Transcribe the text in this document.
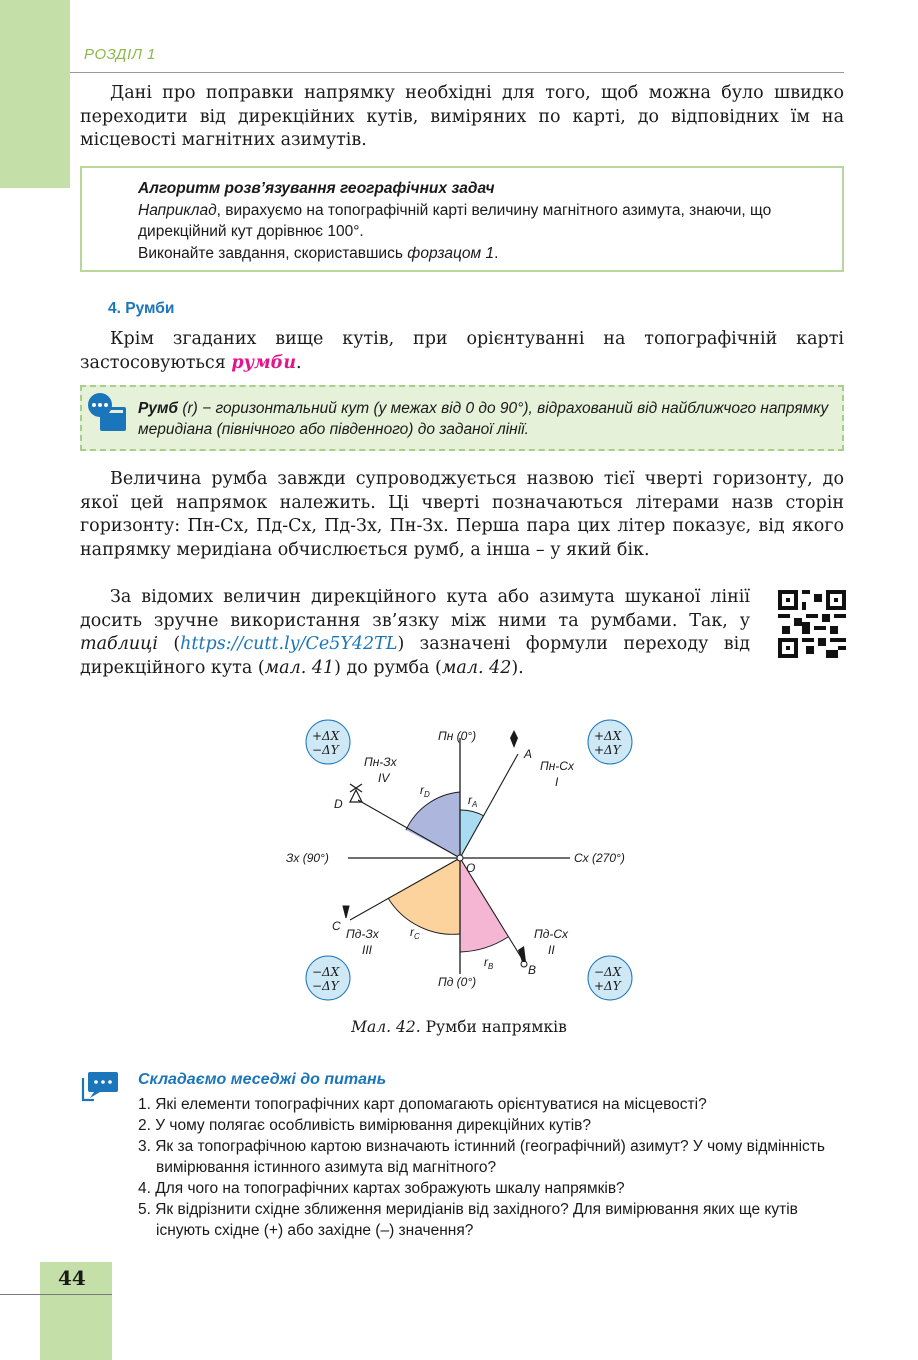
РОЗДІЛ 1

Дані про поправки напрямку необхідні для того, щоб можна було швидко переходити від дирекційних кутів, виміряних по карті, до відповідних їм на місцевості магнітних азимутів.

Алгоритм розв’язування географічних задач
Наприклад, вирахуємо на топографічній карті величину магнітного азимута, знаючи, що дирекційний кут дорівнює 100°.
Виконайте завдання, скориставшись форзацом 1.
4. Румби

Крім згаданих вище кутів, при орієнтуванні на топографічній карті застосовуються румби.

Румб (r) − горизонтальний кут (у межах від 0 до 90°), відрахований від найближчого напрямку меридіана (північного або південного) до заданої лінії.

Величина румба завжди супроводжується назвою тієї чверті горизонту, до якої цей напрямок належить. Ці чверті позначаються літерами назв сторін горизонту: Пн-Сх, Пд-Сх, Пд-Зх, Пн-Зх. Перша пара цих літер показує, від якого напрямку меридіана обчислюється румб, а інша – у який бік.

За відомих величин дирекційного кута або азимута шуканої лінії досить зручне використання зв’язку між ними та румбами. Так, у таблиці (https://cutt.ly/Ce5Y42TL) зазначені формули переходу від дирекційного кута (мал. 41) до румба (мал. 42).

Пн (0°)
Пд (0°)
Зх (90°)	Сх (270°)
O
A
B
C
D
Пн-Сх
I
Пд-Сх
II
Пд-Зх
III
Пн-Зх
IV
$r_A$
$r_B$
$r_C$
$r_D$
+ΔX
+ΔY
−ΔX
+ΔY
−ΔX
−ΔY
+ΔX
−ΔY
Мал. 42. Румби напрямків
Складаємо меседжі до питань
1. Які елементи топографічних карт допомагають орієнтуватися на місцевості?
2. У чому полягає особливість вимірювання дирекційних кутів?
3. Як за топографічною картою визначають істинний (географічний) азимут? У чому відмінність вимірювання істинного азимута від магнітного?
4. Для чого на топографічних картах зображують шкалу напрямків?
5. Як відрізнити східне зближення меридіанів від західного? Для вимірювання яких ще кутів існують східне (+) або західне (–) значення?
44
